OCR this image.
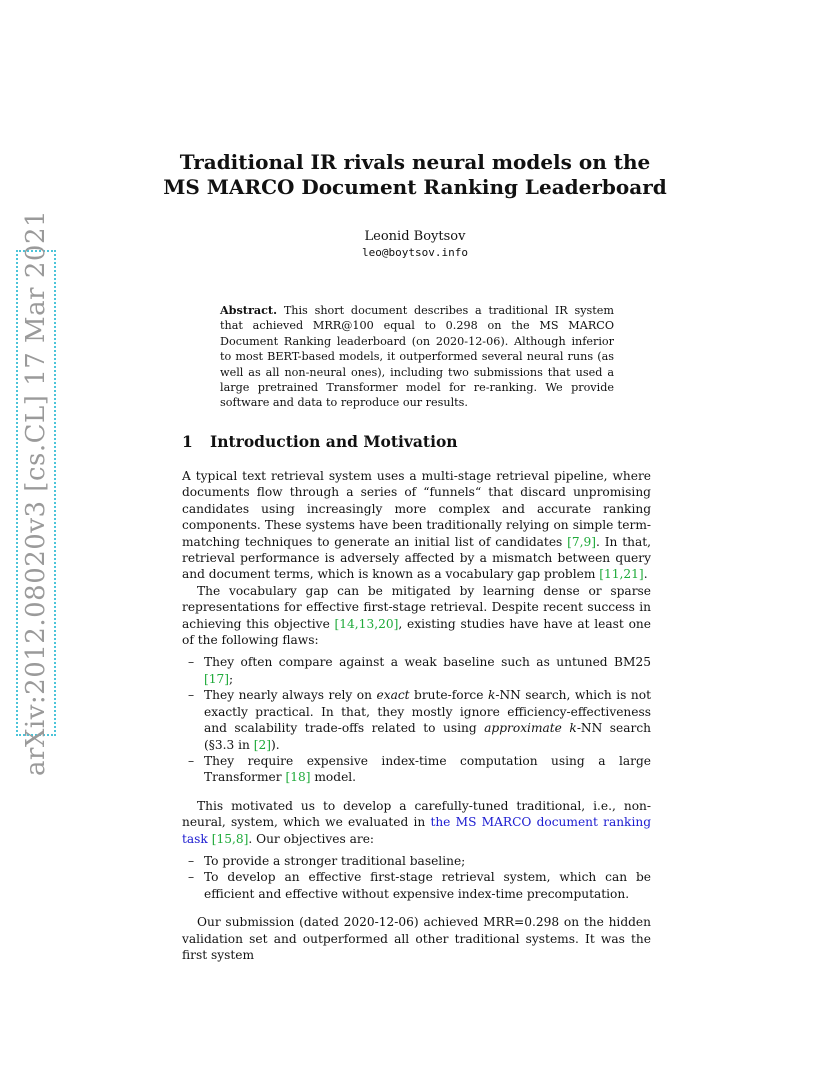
arXiv:2012.08020v3 [cs.CL] 17 Mar 2021
Traditional IR rivals neural models on the
MS MARCO Document Ranking Leaderboard
Leonid Boytsov
leo@boytsov.info
Abstract. This short document describes a traditional IR system that achieved MRR@100 equal to 0.298 on the MS MARCO Document Ranking leaderboard (on 2020-12-06). Although inferior to most BERT-based models, it outperformed several neural runs (as well as all non-neural ones), including two submissions that used a large pretrained Transformer model for re-ranking. We provide software and data to reproduce our results.
1 Introduction and Motivation

A typical text retrieval system uses a multi-stage retrieval pipeline, where documents flow through a series of “funnels“ that discard unpromising candidates using increasingly more complex and accurate ranking components. These systems have been traditionally relying on simple term-matching techniques to generate an initial list of candidates [7,9]. In that, retrieval performance is adversely affected by a mismatch between query and document terms, which is known as a vocabulary gap problem [11,21].

The vocabulary gap can be mitigated by learning dense or sparse representations for effective first-stage retrieval. Despite recent success in achieving this objective [14,13,20], existing studies have have at least one of the following flaws:

– They often compare against a weak baseline such as untuned BM25 [17];
– They nearly always rely on exact brute-force k-NN search, which is not exactly practical. In that, they mostly ignore efficiency-effectiveness and scalability trade-offs related to using approximate k-NN search (§3.3 in [2]).
– They require expensive index-time computation using a large Transformer [18] model.

This motivated us to develop a carefully-tuned traditional, i.e., non-neural, system, which we evaluated in the MS MARCO document ranking task [15,8]. Our objectives are:

– To provide a stronger traditional baseline;
– To develop an effective first-stage retrieval system, which can be efficient and effective without expensive index-time precomputation.

Our submission (dated 2020-12-06) achieved MRR=0.298 on the hidden validation set and outperformed all other traditional systems. It was the first system
